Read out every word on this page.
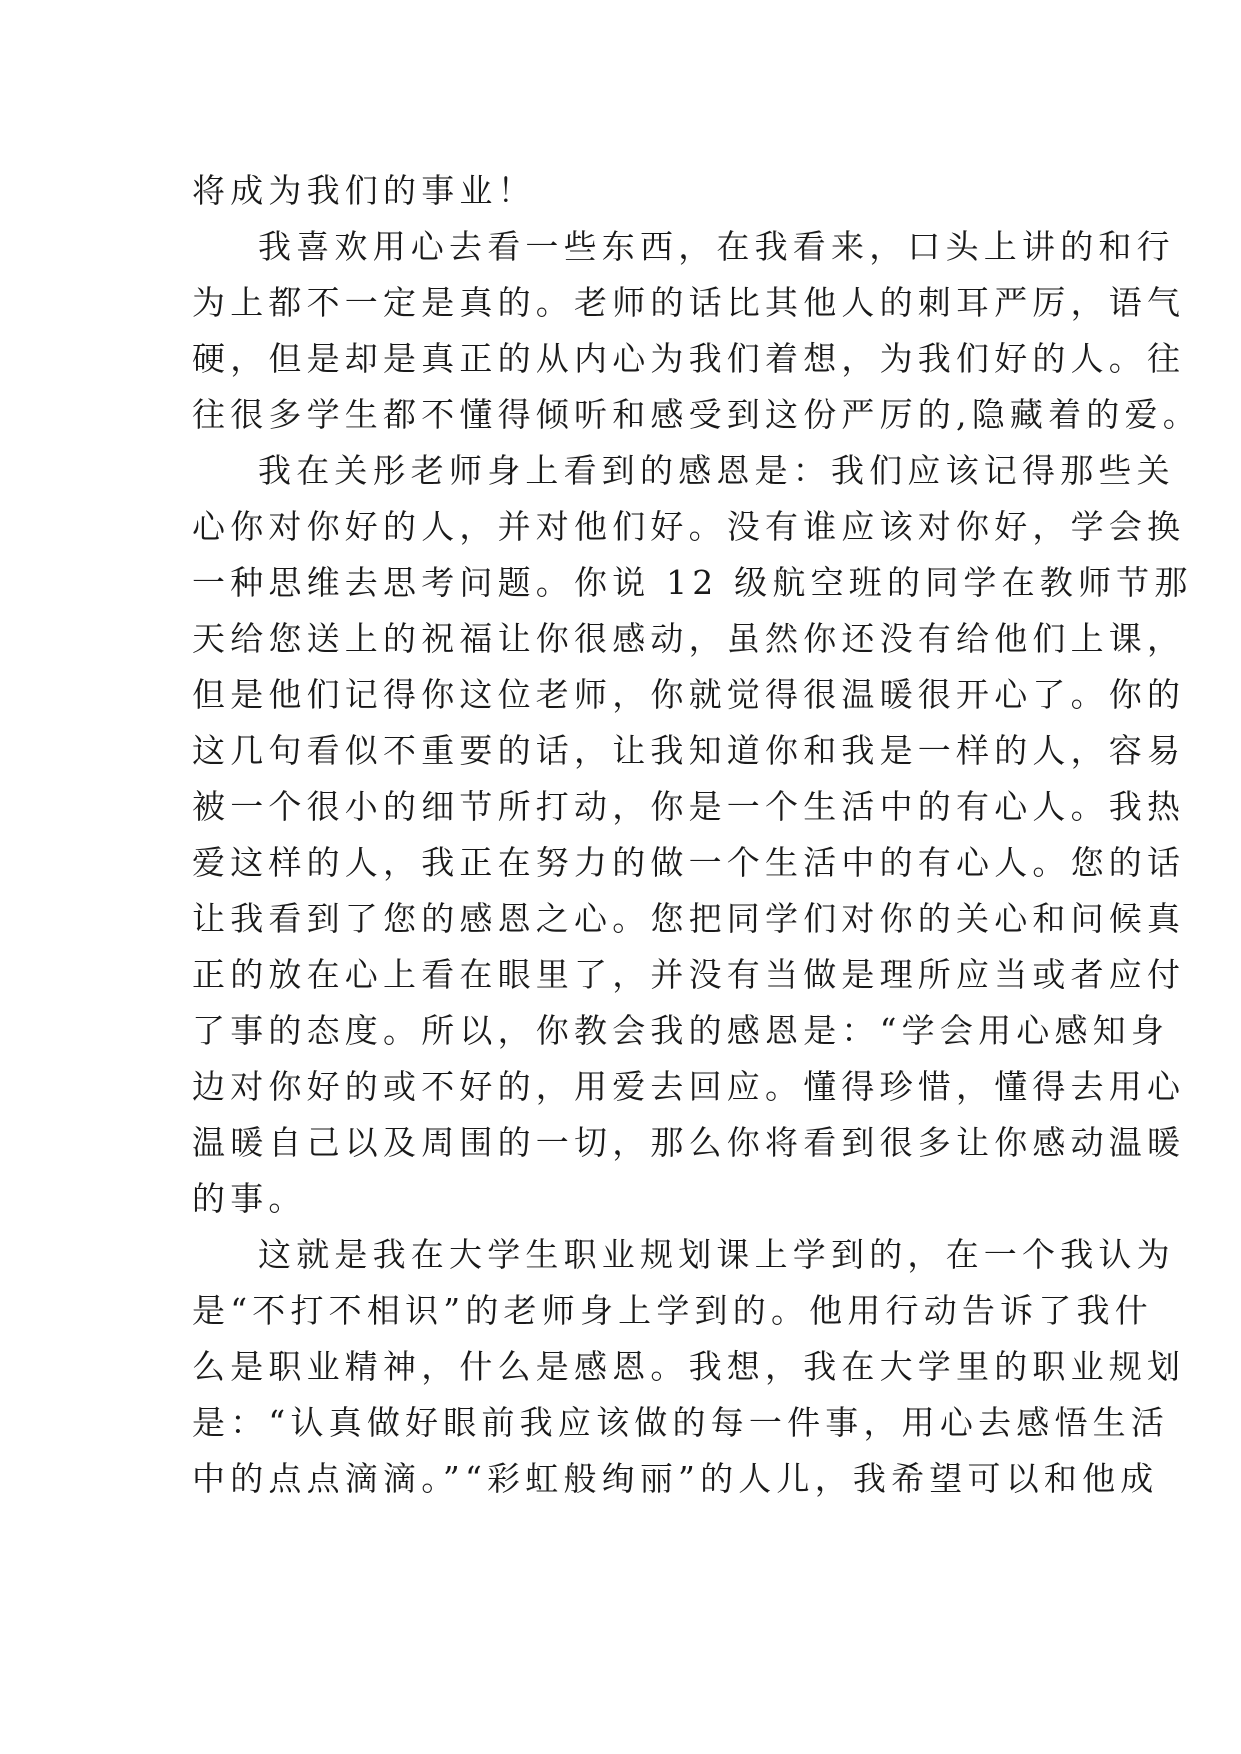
将成为我们的事业！
我喜欢用心去看一些东西，在我看来，口头上讲的和行
为上都不一定是真的。老师的话比其他人的刺耳严厉，语气
硬，但是却是真正的从内心为我们着想，为我们好的人。往
往很多学生都不懂得倾听和感受到这份严厉的,隐藏着的爱。
我在关彤老师身上看到的感恩是：我们应该记得那些关
心你对你好的人，并对他们好。没有谁应该对你好，学会换
一种思维去思考问题。你说 12 级航空班的同学在教师节那
天给您送上的祝福让你很感动，虽然你还没有给他们上课，
但是他们记得你这位老师，你就觉得很温暖很开心了。你的
这几句看似不重要的话，让我知道你和我是一样的人，容易
被一个很小的细节所打动，你是一个生活中的有心人。我热
爱这样的人，我正在努力的做一个生活中的有心人。您的话
让我看到了您的感恩之心。您把同学们对你的关心和问候真
正的放在心上看在眼里了，并没有当做是理所应当或者应付
了事的态度。所以，你教会我的感恩是：“学会用心感知身
边对你好的或不好的，用爱去回应。懂得珍惜，懂得去用心
温暖自己以及周围的一切，那么你将看到很多让你感动温暖
的事。
这就是我在大学生职业规划课上学到的，在一个我认为
是“不打不相识”的老师身上学到的。他用行动告诉了我什
么是职业精神，什么是感恩。我想，我在大学里的职业规划
是：“认真做好眼前我应该做的每一件事，用心去感悟生活
中的点点滴滴。”“彩虹般绚丽”的人儿，我希望可以和他成
